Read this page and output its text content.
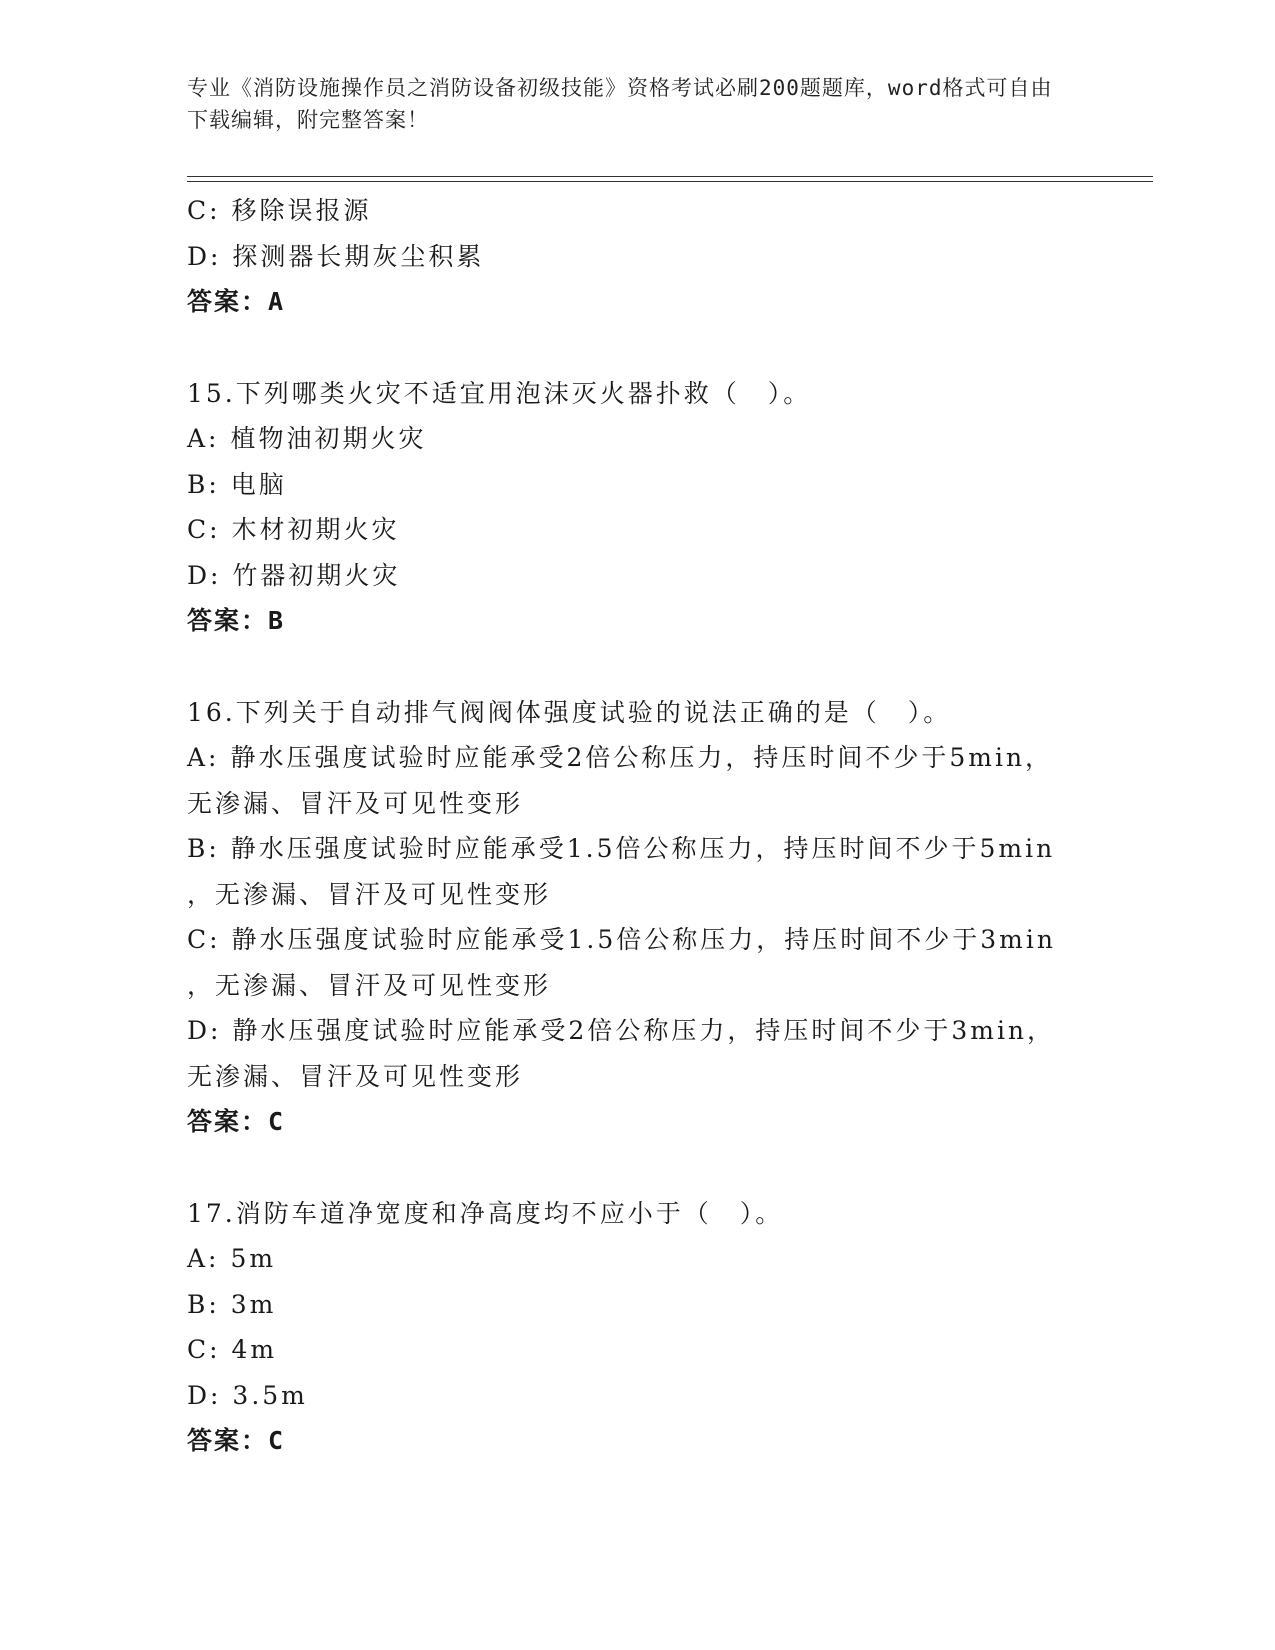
专业《消防设施操作员之消防设备初级技能》资格考试必刷200题题库，word格式可自由下载编辑，附完整答案！
C: 移除误报源
D: 探测器长期灰尘积累
答案：A
15.下列哪类火灾不适宜用泡沫灭火器扑救（　）。
A: 植物油初期火灾
B: 电脑
C: 木材初期火灾
D: 竹器初期火灾
答案：B
16.下列关于自动排气阀阀体强度试验的说法正确的是（　）。
A: 静水压强度试验时应能承受2倍公称压力，持压时间不少于5min，
无渗漏、冒汗及可见性变形
B: 静水压强度试验时应能承受1.5倍公称压力，持压时间不少于5min
，无渗漏、冒汗及可见性变形
C: 静水压强度试验时应能承受1.5倍公称压力，持压时间不少于3min
，无渗漏、冒汗及可见性变形
D: 静水压强度试验时应能承受2倍公称压力，持压时间不少于3min，
无渗漏、冒汗及可见性变形
答案：C
17.消防车道净宽度和净高度均不应小于（　）。
A: 5m
B: 3m
C: 4m
D: 3.5m
答案：C
